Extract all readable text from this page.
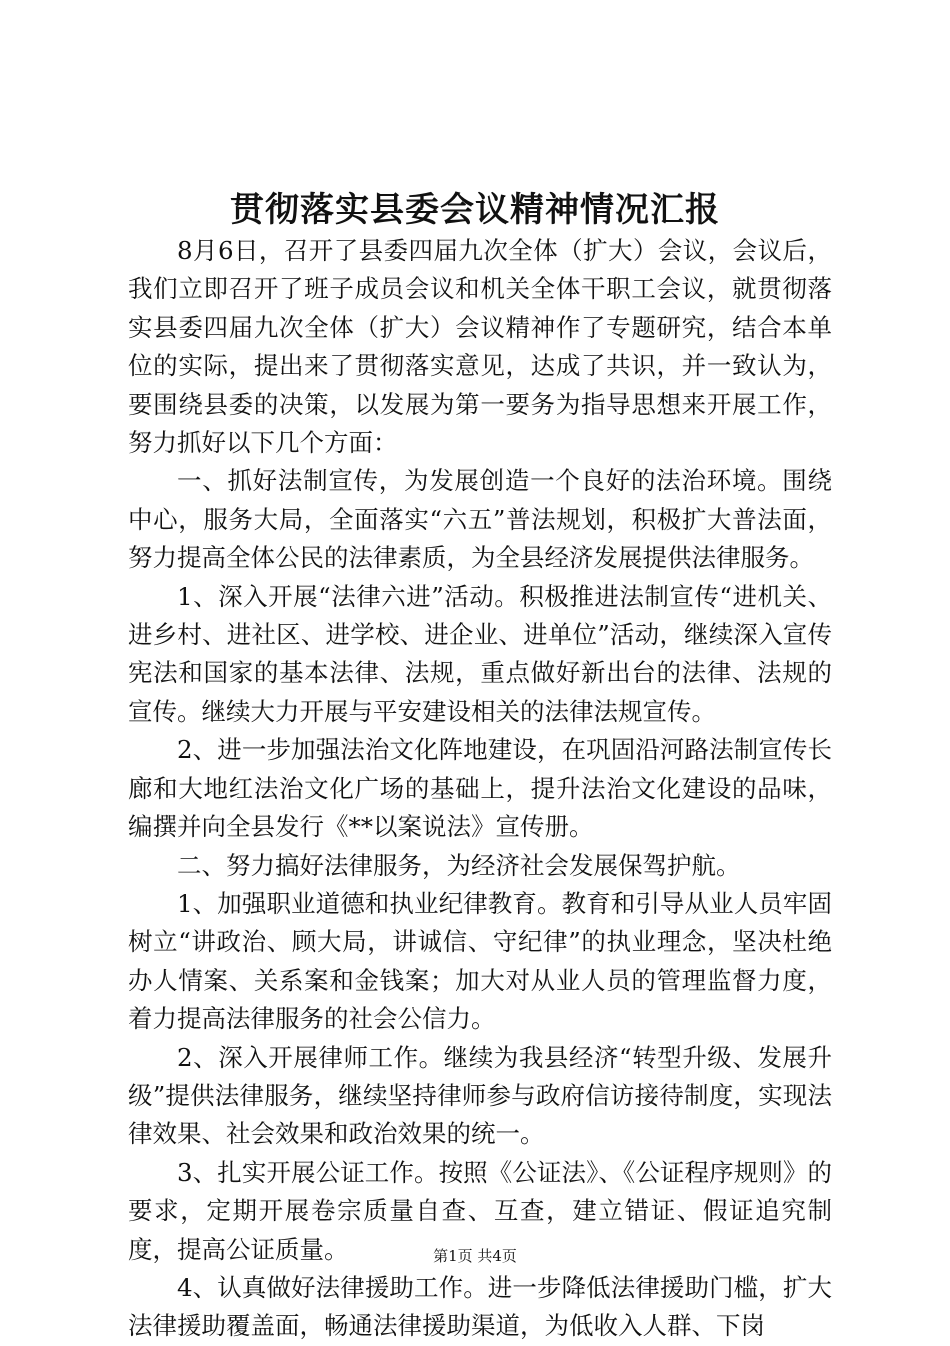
贯彻落实县委会议精神情况汇报

8月6日，召开了县委四届九次全体（扩大）会议，会议后，我们立即召开了班子成员会议和机关全体干职工会议，就贯彻落实县委四届九次全体（扩大）会议精神作了专题研究，结合本单位的实际，提出来了贯彻落实意见，达成了共识，并一致认为，要围绕县委的决策，以发展为第一要务为指导思想来开展工作，努力抓好以下几个方面：

一、抓好法制宣传，为发展创造一个良好的法治环境。围绕中心，服务大局，全面落实“六五”普法规划，积极扩大普法面，努力提高全体公民的法律素质，为全县经济发展提供法律服务。

1、深入开展“法律六进”活动。积极推进法制宣传“进机关、进乡村、进社区、进学校、进企业、进单位”活动，继续深入宣传宪法和国家的基本法律、法规，重点做好新出台的法律、法规的宣传。继续大力开展与平安建设相关的法律法规宣传。

2、进一步加强法治文化阵地建设，在巩固沿河路法制宣传长廊和大地红法治文化广场的基础上，提升法治文化建设的品味，编撰并向全县发行《**以案说法》宣传册。

二、努力搞好法律服务，为经济社会发展保驾护航。

1、加强职业道德和执业纪律教育。教育和引导从业人员牢固树立“讲政治、顾大局，讲诚信、守纪律”的执业理念，坚决杜绝办人情案、关系案和金钱案；加大对从业人员的管理监督力度，着力提高法律服务的社会公信力。

2、深入开展律师工作。继续为我县经济“转型升级、发展升级”提供法律服务，继续坚持律师参与政府信访接待制度，实现法律效果、社会效果和政治效果的统一。

3、扎实开展公证工作。按照《公证法》、《公证程序规则》的要求，定期开展卷宗质量自查、互查，建立错证、假证追究制度，提高公证质量。

4、认真做好法律援助工作。进一步降低法律援助门槛，扩大法律援助覆盖面，畅通法律援助渠道，为低收入人群、下岗

第1页 共4页
